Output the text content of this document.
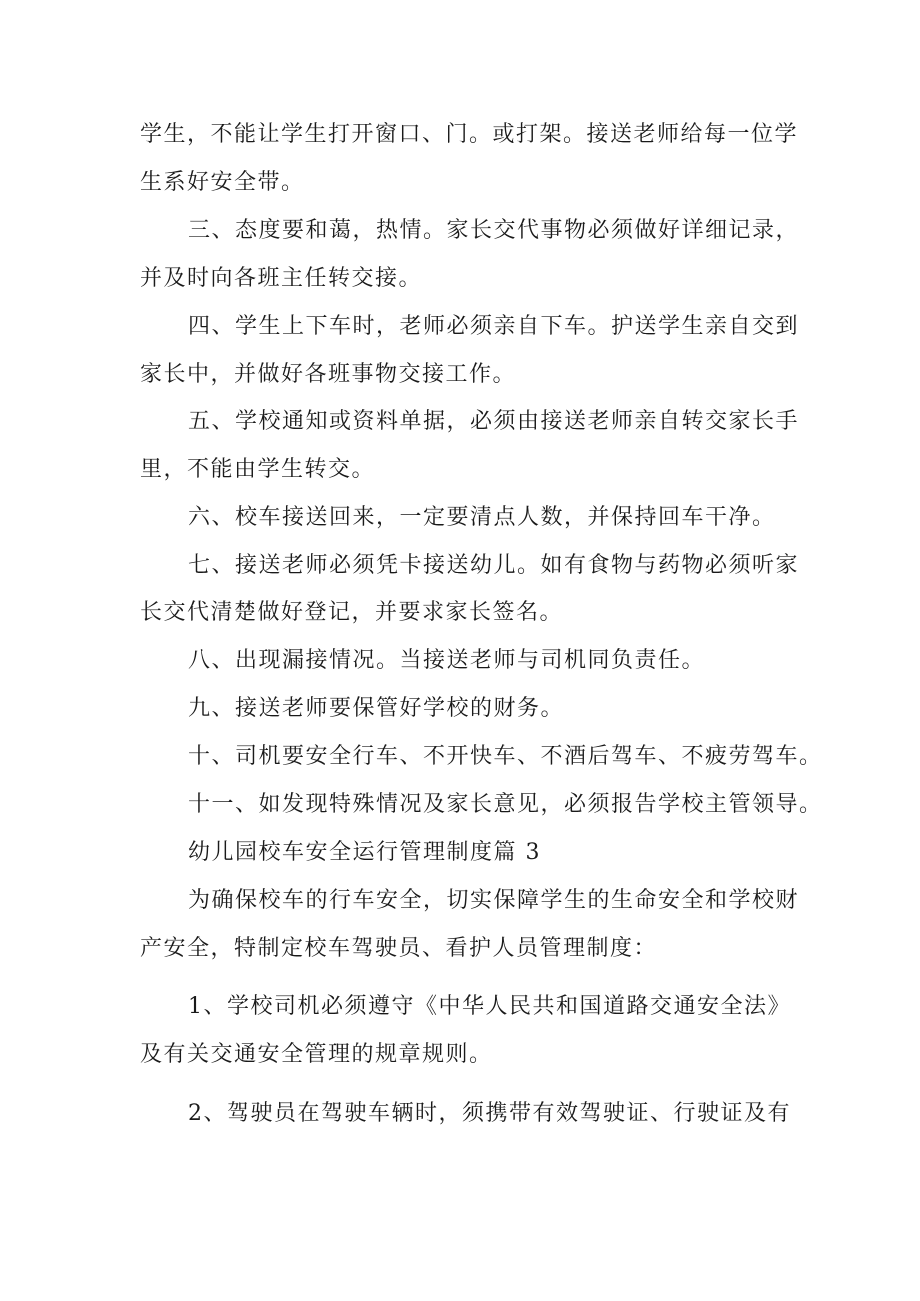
学生，不能让学生打开窗口、门。或打架。接送老师给每一位学
生系好安全带。
三、态度要和蔼，热情。家长交代事物必须做好详细记录，
并及时向各班主任转交接。
四、学生上下车时，老师必须亲自下车。护送学生亲自交到
家长中，并做好各班事物交接工作。
五、学校通知或资料单据，必须由接送老师亲自转交家长手
里，不能由学生转交。
六、校车接送回来，一定要清点人数，并保持回车干净。
七、接送老师必须凭卡接送幼儿。如有食物与药物必须听家
长交代清楚做好登记，并要求家长签名。
八、出现漏接情况。当接送老师与司机同负责任。
九、接送老师要保管好学校的财务。
十、司机要安全行车、不开快车、不酒后驾车、不疲劳驾车。
十一、如发现特殊情况及家长意见，必须报告学校主管领导。
幼儿园校车安全运行管理制度篇 3
为确保校车的行车安全，切实保障学生的生命安全和学校财
产安全，特制定校车驾驶员、看护人员管理制度：
1、学校司机必须遵守《中华人民共和国道路交通安全法》
及有关交通安全管理的规章规则。
2、驾驶员在驾驶车辆时，须携带有效驾驶证、行驶证及有
